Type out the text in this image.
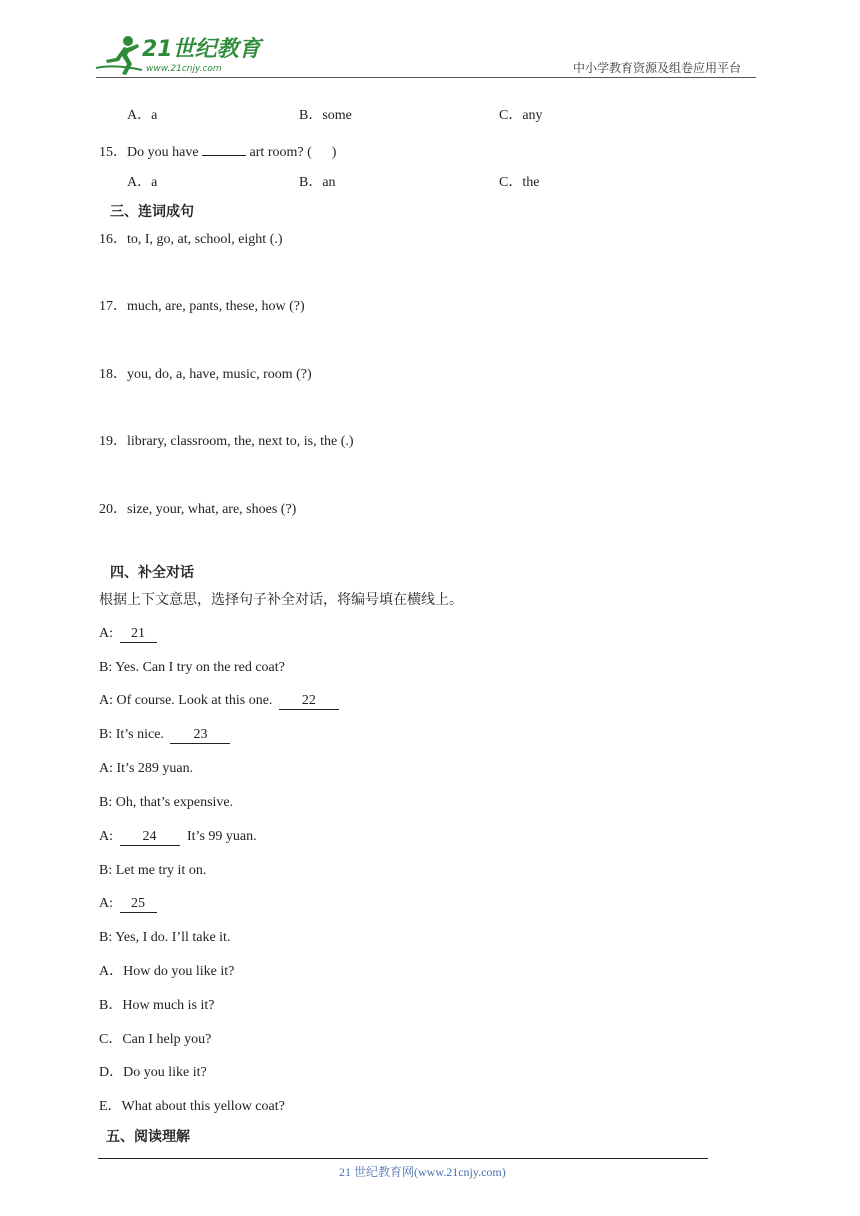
21世纪教育
www.21cnjy.com	中小学教育资源及组卷应用平台
A．a	B．some	C．any
15．Do you have	art room? ( )
A．a	B．an	C．the
三、连词成句
16．to, I, go, at, school, eight (.)
17．much, are, pants, these, how (?)
18．you, do, a, have, music, room (?)
19．library, classroom, the, next to, is, the (.)
20．size, your, what, are, shoes (?)
四、补全对话
根据上下文意思，选择句子补全对话，将编号填在横线上。
A: 21
B: Yes. Can I try on the red coat?
A: Of course. Look at this one. 22
B: It’s nice. 23
A: It’s 289 yuan.
B: Oh, that’s expensive.
A: 24 It’s 99 yuan.
B: Let me try it on.
A: 25
B: Yes, I do. I’ll take it.
A．How do you like it?
B．How much is it?
C．Can I help you?
D．Do you like it?
E．What about this yellow coat?
五、阅读理解
21 世纪教育网(www.21cnjy.com)
